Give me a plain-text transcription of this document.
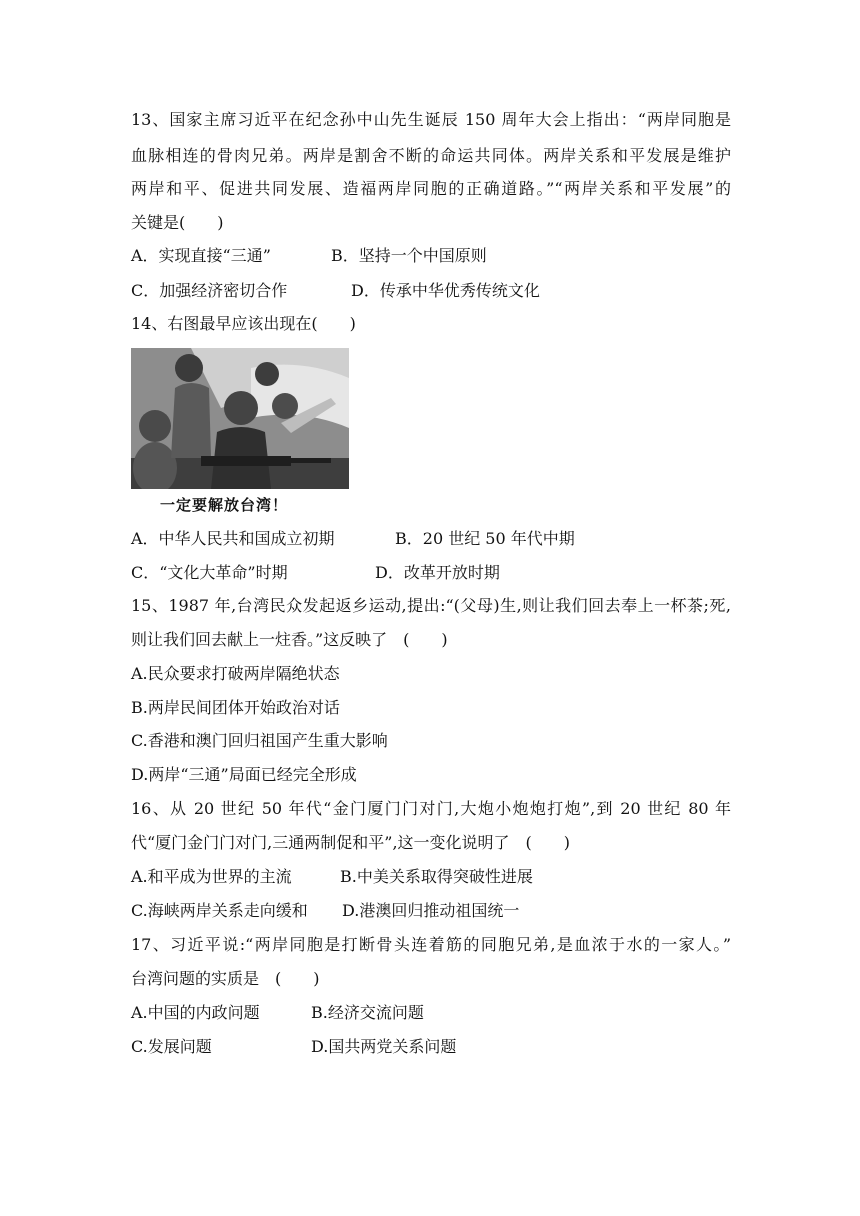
13、国家主席习近平在纪念孙中山先生诞辰 150 周年大会上指出：“两岸同胞是
血脉相连的骨肉兄弟。两岸是割舍不断的命运共同体。两岸关系和平发展是维护
两岸和平、促进共同发展、造福两岸同胞的正确道路。”“两岸关系和平发展”的
关键是(　　)
A．实现直接“三通”	B．坚持一个中国原则
C．加强经济密切合作	D．传承中华优秀传统文化
14、右图最早应该出现在(　　)
一定要解放台湾！
A．中华人民共和国成立初期	B．20 世纪 50 年代中期
C．“文化大革命”时期	D．改革开放时期
15、1987 年,台湾民众发起返乡运动,提出:“(父母)生,则让我们回去奉上一杯茶;死,
则让我们回去献上一炷香。”这反映了　(　　)
A.民众要求打破两岸隔绝状态
B.两岸民间团体开始政治对话
C.香港和澳门回归祖国产生重大影响
D.两岸“三通”局面已经完全形成
16、从 20 世纪 50 年代“金门厦门门对门,大炮小炮炮打炮”,到 20 世纪 80 年
代“厦门金门门对门,三通两制促和平”,这一变化说明了　(　　)
A.和平成为世界的主流	B.中美关系取得突破性进展
C.海峡两岸关系走向缓和 D.港澳回归推动祖国统一
17、习近平说:“两岸同胞是打断骨头连着筋的同胞兄弟,是血浓于水的一家人。”
台湾问题的实质是　(　　)
A.中国的内政问题	B.经济交流问题
C.发展问题	D.国共两党关系问题
